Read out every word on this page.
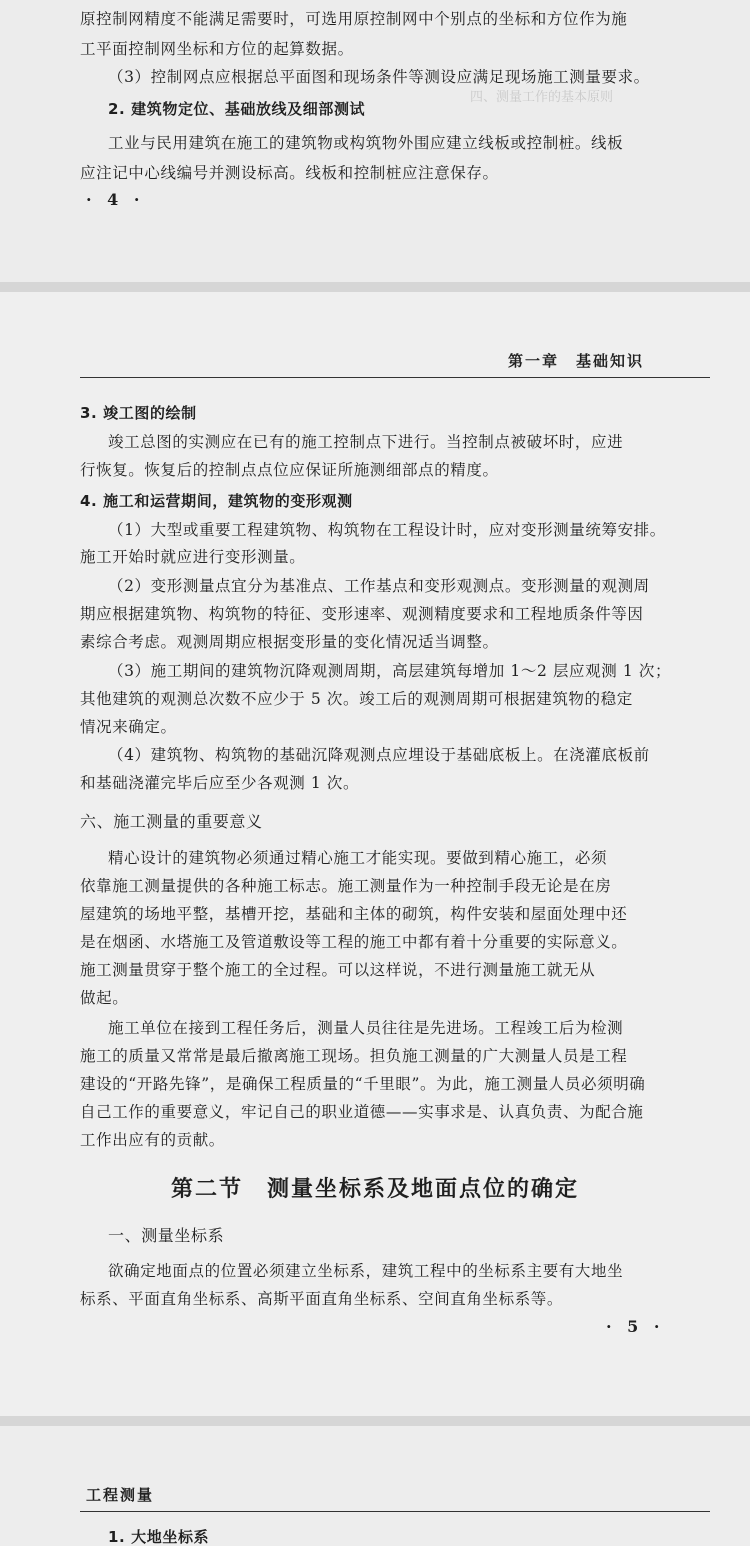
四、测量工作的基本原则
原控制网精度不能满足需要时，可选用原控制网中个别点的坐标和方位作为施
工平面控制网坐标和方位的起算数据。
（3）控制网点应根据总平面图和现场条件等测设应满足现场施工测量要求。
2. 建筑物定位、基础放线及细部测试
工业与民用建筑在施工的建筑物或构筑物外围应建立线板或控制桩。线板
应注记中心线编号并测设标高。线板和控制桩应注意保存。
· 4 ·
第一章　基础知识
3. 竣工图的绘制
竣工总图的实测应在已有的施工控制点下进行。当控制点被破坏时，应进
行恢复。恢复后的控制点点位应保证所施测细部点的精度。
4. 施工和运营期间，建筑物的变形观测
（1）大型或重要工程建筑物、构筑物在工程设计时，应对变形测量统筹安排。
施工开始时就应进行变形测量。
（2）变形测量点宜分为基准点、工作基点和变形观测点。变形测量的观测周
期应根据建筑物、构筑物的特征、变形速率、观测精度要求和工程地质条件等因
素综合考虑。观测周期应根据变形量的变化情况适当调整。
（3）施工期间的建筑物沉降观测周期，高层建筑每增加 1～2 层应观测 1 次；
其他建筑的观测总次数不应少于 5 次。竣工后的观测周期可根据建筑物的稳定
情况来确定。
（4）建筑物、构筑物的基础沉降观测点应埋设于基础底板上。在浇灌底板前
和基础浇灌完毕后应至少各观测 1 次。
六、施工测量的重要意义
精心设计的建筑物必须通过精心施工才能实现。要做到精心施工，必须
依靠施工测量提供的各种施工标志。施工测量作为一种控制手段无论是在房
屋建筑的场地平整，基槽开挖，基础和主体的砌筑，构件安装和屋面处理中还
是在烟函、水塔施工及管道敷设等工程的施工中都有着十分重要的实际意义。
施工测量贯穿于整个施工的全过程。可以这样说，不进行测量施工就无从
做起。
施工单位在接到工程任务后，测量人员往往是先进场。工程竣工后为检测
施工的质量又常常是最后撤离施工现场。担负施工测量的广大测量人员是工程
建设的“开路先锋”，是确保工程质量的“千里眼”。为此，施工测量人员必须明确
自己工作的重要意义，牢记自己的职业道德——实事求是、认真负责、为配合施
工作出应有的贡献。
第二节　测量坐标系及地面点位的确定
一、测量坐标系
欲确定地面点的位置必须建立坐标系，建筑工程中的坐标系主要有大地坐
标系、平面直角坐标系、高斯平面直角坐标系、空间直角坐标系等。
· 5 ·
工程测量
1. 大地坐标系
